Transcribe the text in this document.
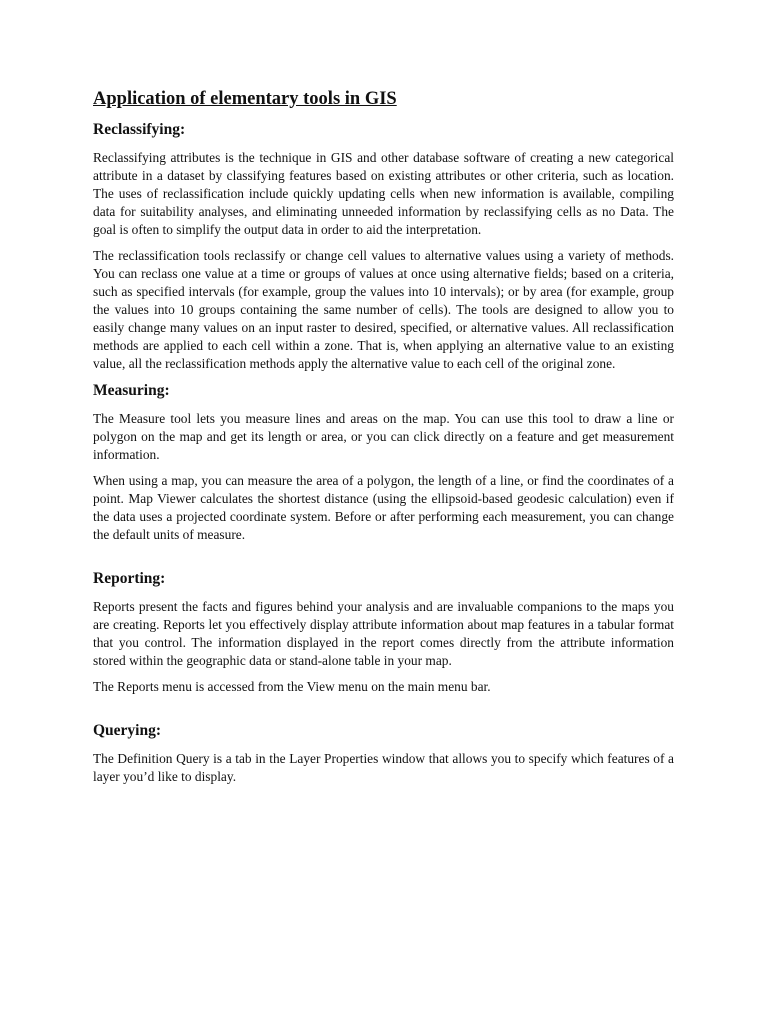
Application of elementary tools in GIS
Reclassifying:

Reclassifying attributes is the technique in GIS and other database software of creating a new categorical attribute in a dataset by classifying features based on existing attributes or other criteria, such as location. The uses of reclassification include quickly updating cells when new information is available, compiling data for suitability analyses, and eliminating unneeded information by reclassifying cells as no Data. The goal is often to simplify the output data in order to aid the interpretation.

The reclassification tools reclassify or change cell values to alternative values using a variety of methods. You can reclass one value at a time or groups of values at once using alternative fields; based on a criteria, such as specified intervals (for example, group the values into 10 intervals); or by area (for example, group the values into 10 groups containing the same number of cells). The tools are designed to allow you to easily change many values on an input raster to desired, specified, or alternative values. All reclassification methods are applied to each cell within a zone. That is, when applying an alternative value to an existing value, all the reclassification methods apply the alternative value to each cell of the original zone.

Measuring:

The Measure tool lets you measure lines and areas on the map. You can use this tool to draw a line or polygon on the map and get its length or area, or you can click directly on a feature and get measurement information.

When using a map, you can measure the area of a polygon, the length of a line, or find the coordinates of a point. Map Viewer calculates the shortest distance (using the ellipsoid-based geodesic calculation) even if the data uses a projected coordinate system. Before or after performing each measurement, you can change the default units of measure.

Reporting:

Reports present the facts and figures behind your analysis and are invaluable companions to the maps you are creating. Reports let you effectively display attribute information about map features in a tabular format that you control. The information displayed in the report comes directly from the attribute information stored within the geographic data or stand-alone table in your map.

The Reports menu is accessed from the View menu on the main menu bar.

Querying:

The Definition Query is a tab in the Layer Properties window that allows you to specify which features of a layer you’d like to display.
